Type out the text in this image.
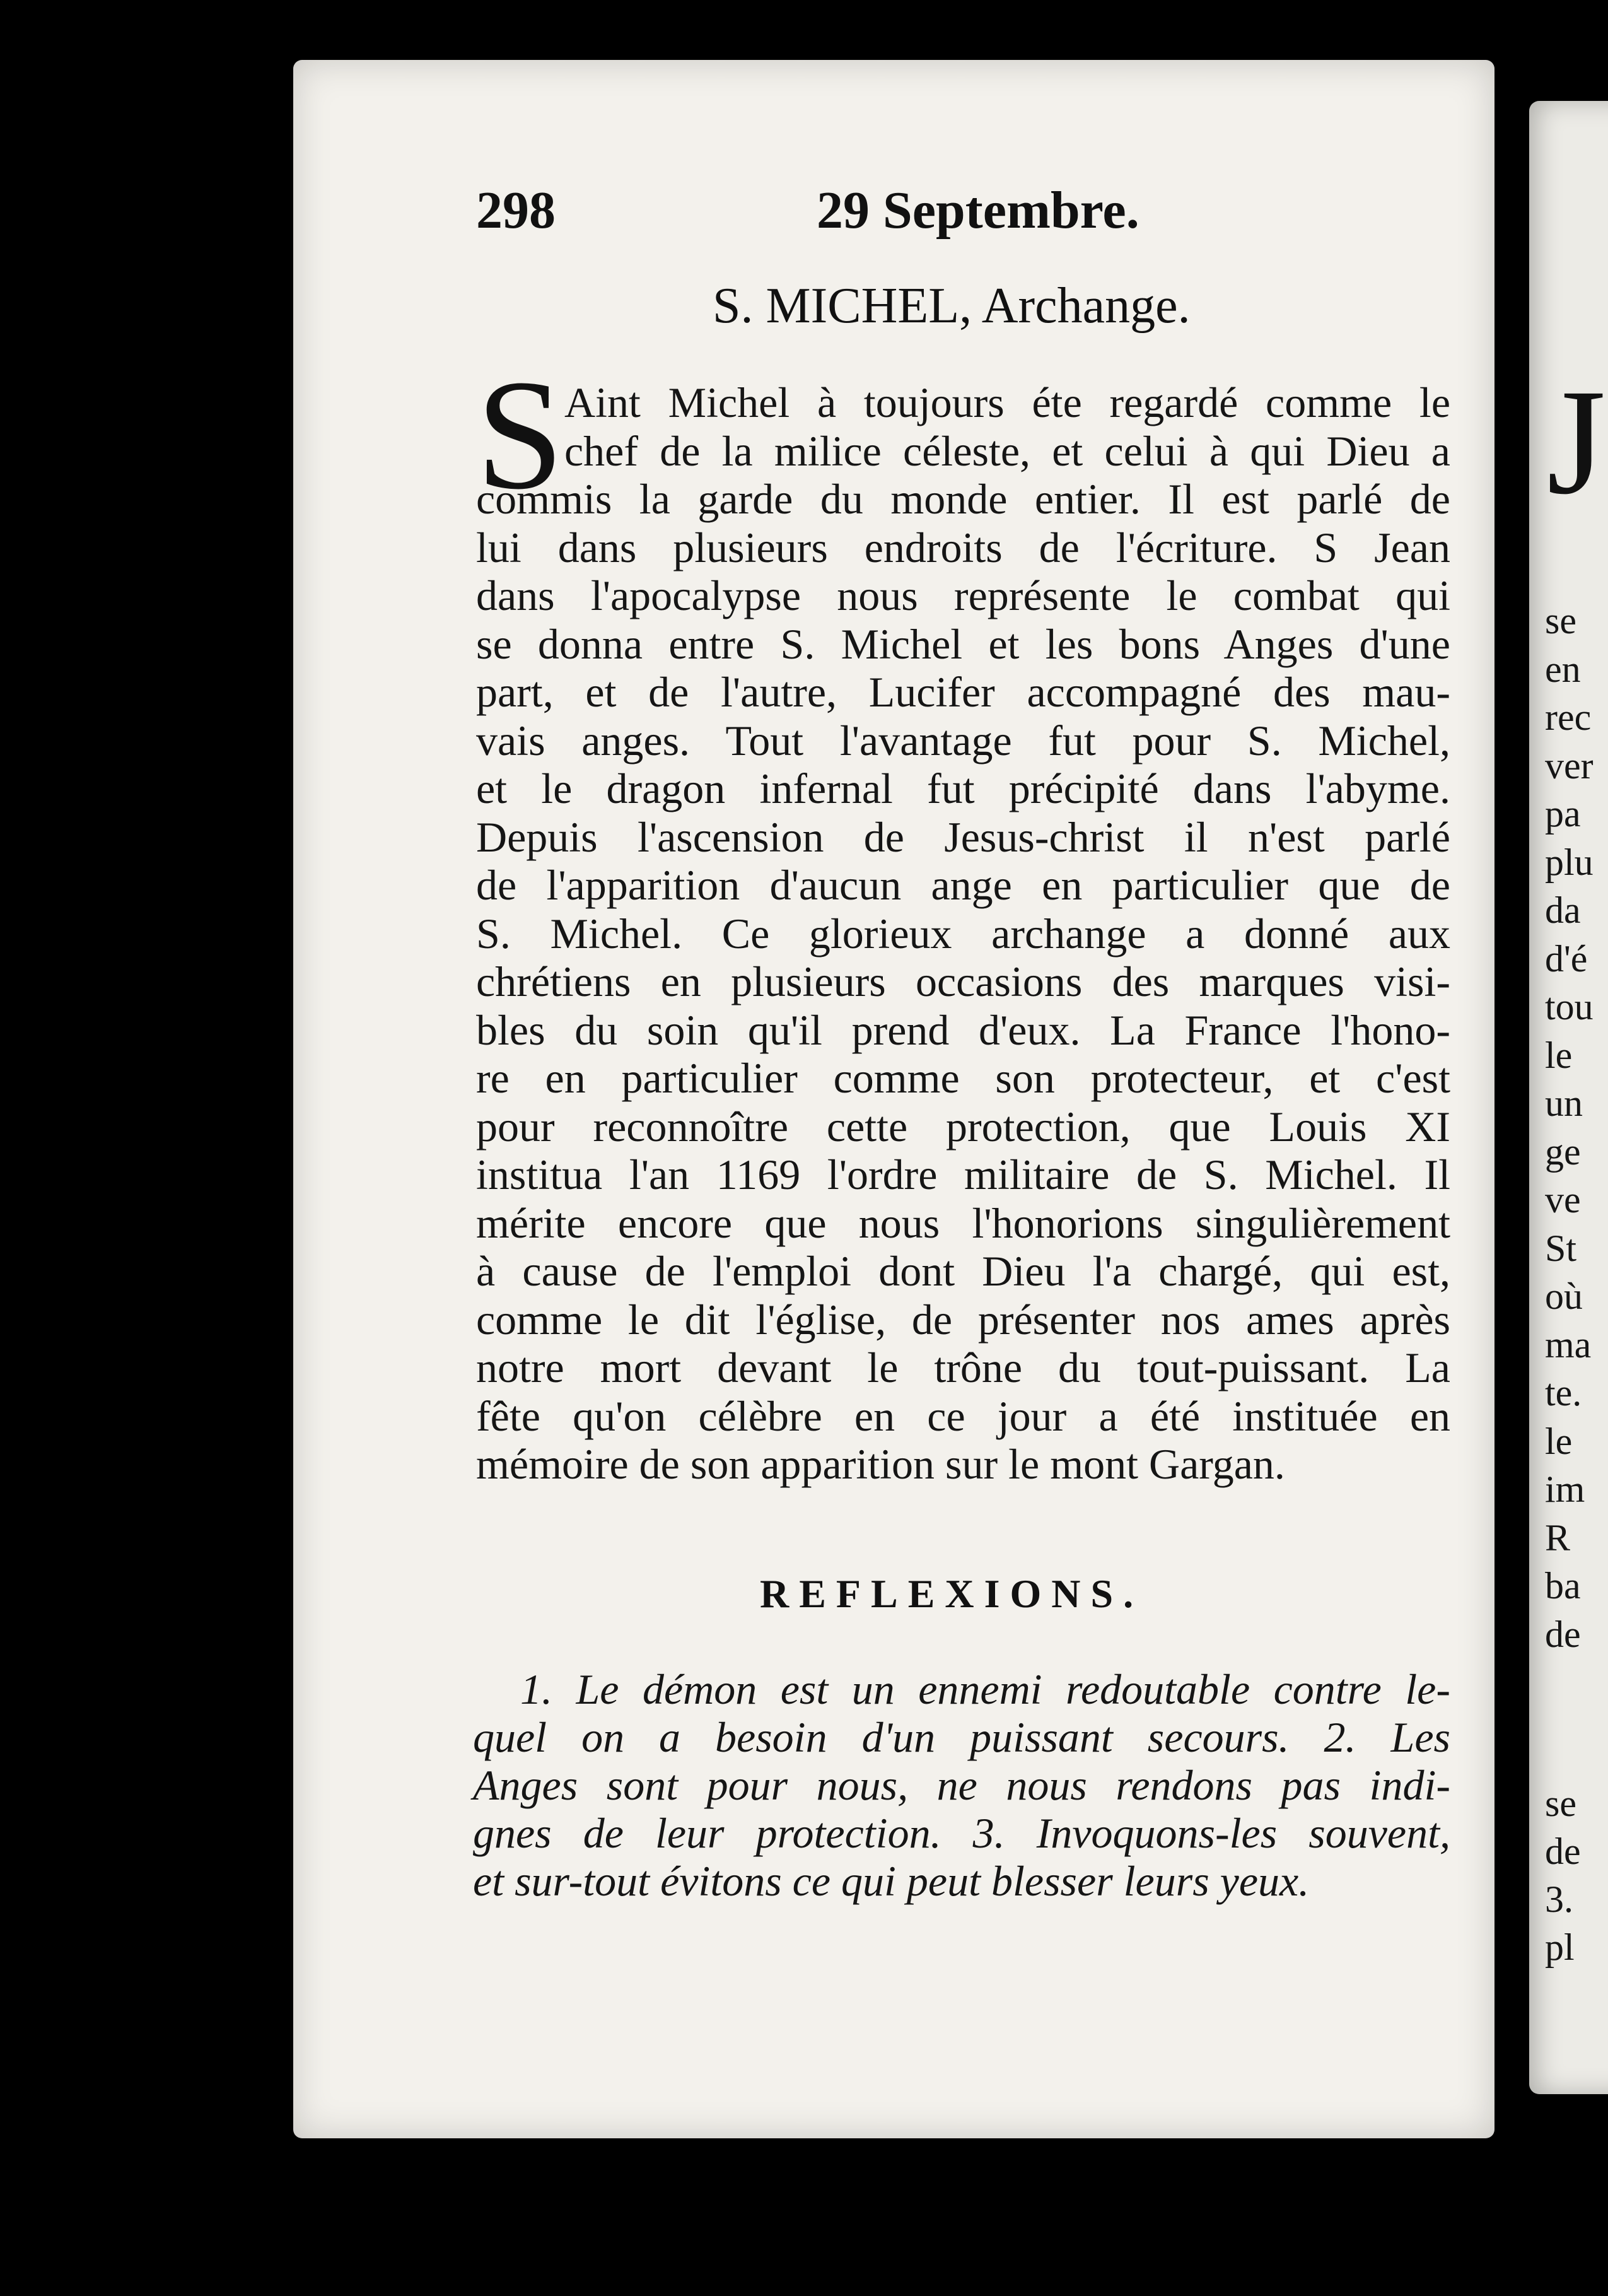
J
se
en
rec
ver
pa
plu
da
d'é
tou
le
un
ge
ve
St
où
ma
te.
le
im
R
ba
de
se
de
3.
pl
298	29 Septembre.
S. MICHEL, Archange.
S Aint Michel à toujours éte regardé comme le
chef de la milice céleste, et celui à qui Dieu a
commis la garde du monde entier. Il est parlé de
lui dans plusieurs endroits de l'écriture. S Jean
dans l'apocalypse nous représente le combat qui
se donna entre S. Michel et les bons Anges d'une
part, et de l'autre, Lucifer accompagné des mau-
vais anges. Tout l'avantage fut pour S. Michel,
et le dragon infernal fut précipité dans l'abyme.
Depuis l'ascension de Jesus-christ il n'est parlé
de l'apparition d'aucun ange en particulier que de
S. Michel. Ce glorieux archange a donné aux
chrétiens en plusieurs occasions des marques visi-
bles du soin qu'il prend d'eux. La France l'hono-
re en particulier comme son protecteur, et c'est
pour reconnoître cette protection, que Louis XI
institua l'an 1169 l'ordre militaire de S. Michel. Il
mérite encore que nous l'honorions singulièrement
à cause de l'emploi dont Dieu l'a chargé, qui est,
comme le dit l'église, de présenter nos ames après
notre mort devant le trône du tout-puissant. La
fête qu'on célèbre en ce jour a été instituée en
mémoire de son apparition sur le mont Gargan.
REFLEXIONS.
1. Le démon est un ennemi redoutable contre le-
quel on a besoin d'un puissant secours. 2. Les
Anges sont pour nous, ne nous rendons pas indi-
gnes de leur protection. 3. Invoquons-les souvent,
et sur-tout évitons ce qui peut blesser leurs yeux.
